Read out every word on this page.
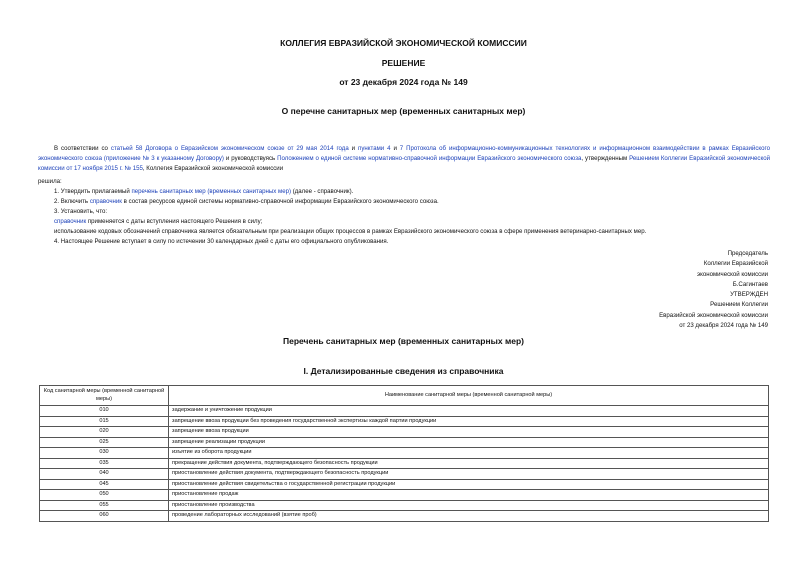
КОЛЛЕГИЯ ЕВРАЗИЙСКОЙ ЭКОНОМИЧЕСКОЙ КОМИССИИ
РЕШЕНИЕ
от 23 декабря 2024 года № 149
О перечне санитарных мер (временных санитарных мер)
В соответствии со статьей 58 Договора о Евразийском экономическом союзе от 29 мая 2014 года и пунктами 4 и 7 Протокола об информационно-коммуникационных технологиях и информационном взаимодействии в рамках Евразийского экономического союза (приложение № 3 к указанному Договору) и руководствуясь Положением о единой системе нормативно-справочной информации Евразийского экономического союза, утвержденным Решением Коллегии Евразийской экономической комиссии от 17 ноября 2015 г. № 155, Коллегия Евразийской экономической комиссии
решила:
1. Утвердить прилагаемый перечень санитарных мер (временных санитарных мер) (далее - справочник).
2. Включить справочник в состав ресурсов единой системы нормативно-справочной информации Евразийского экономического союза.
3. Установить, что:
справочник применяется с даты вступления настоящего Решения в силу;
использование кодовых обозначений справочника является обязательным при реализации общих процессов в рамках Евразийского экономического союза в сфере применения ветеринарно-санитарных мер.
4. Настоящее Решение вступает в силу по истечении 30 календарных дней с даты его официального опубликования.
Председатель
Коллегии Евразийской
экономической комиссии
Б.Сагинтаев
УТВЕРЖДЕН
Решением Коллегии
Евразийской экономической комиссии
от 23 декабря 2024 года № 149
Перечень санитарных мер (временных санитарных мер)
I. Детализированные сведения из справочника
Код санитарной меры (временной санитарной меры)	Наименование санитарной меры (временной санитарной меры)
010	задержание и уничтожение продукции
015	запрещение ввоза продукции без проведения государственной экспертизы каждой партии продукции
020	запрещение ввоза продукции
025	запрещение реализации продукции
030	изъятие из оборота продукции
035	прекращение действия документа, подтверждающего безопасность продукции
040	приостановление действия документа, подтверждающего безопасность продукции
045	приостановление действия свидетельства о государственной регистрации продукции
050	приостановление продаж
055	приостановление производства
060	проведение лабораторных исследований (взятие проб)
